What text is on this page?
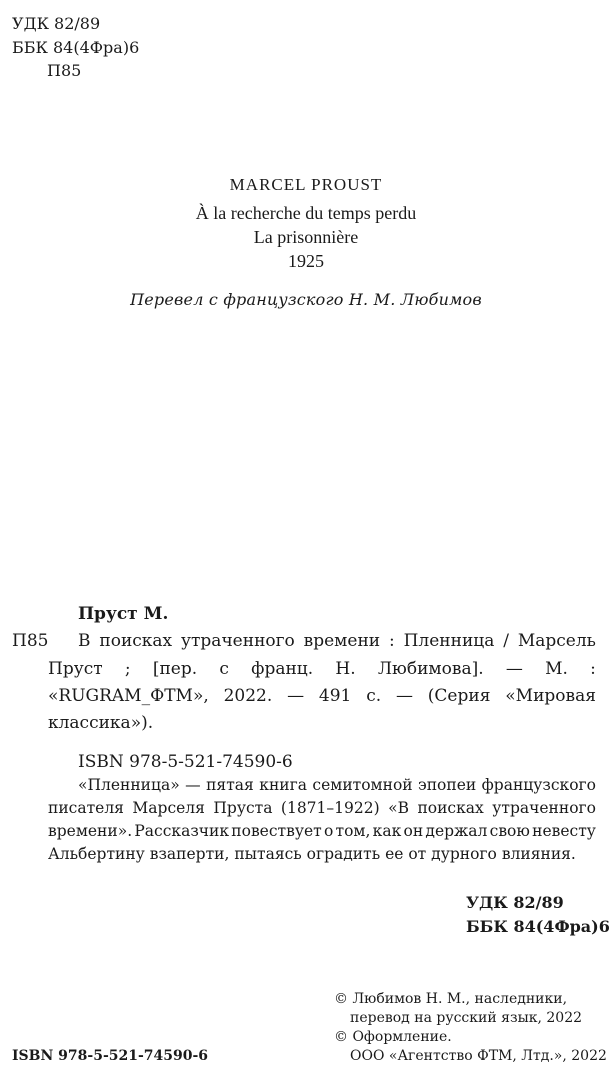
УДК 82/89
ББК 84(4Фра)6
П85
MARCEL PROUST
À la recherche du temps perdu
La prisonnière
1925
Перевел с французского Н. М. Любимов
Пруст М.
П85 В поисках утраченного времени : Пленница / Марсель
Пруст ; [пер. с франц. Н. Любимова]. — М. :
«RUGRAM_ФТМ», 2022. — 491 с. — (Серия «Мировая
классика»).
ISBN 978-5-521-74590-6
«Пленница» — пятая книга семитомной эпопеи французского
писателя Марселя Пруста (1871–1922) «В поисках утраченного
времени». Рассказчик повествует о том, как он держал свою невесту
Альбертину взаперти, пытаясь оградить ее от дурного влияния.
УДК 82/89
ББК 84(4Фра)6
© Любимов Н. М., наследники,
перевод на русский язык, 2022
© Оформление.
ООО «Агентство ФТМ, Лтд.», 2022
ISBN 978-5-521-74590-6
